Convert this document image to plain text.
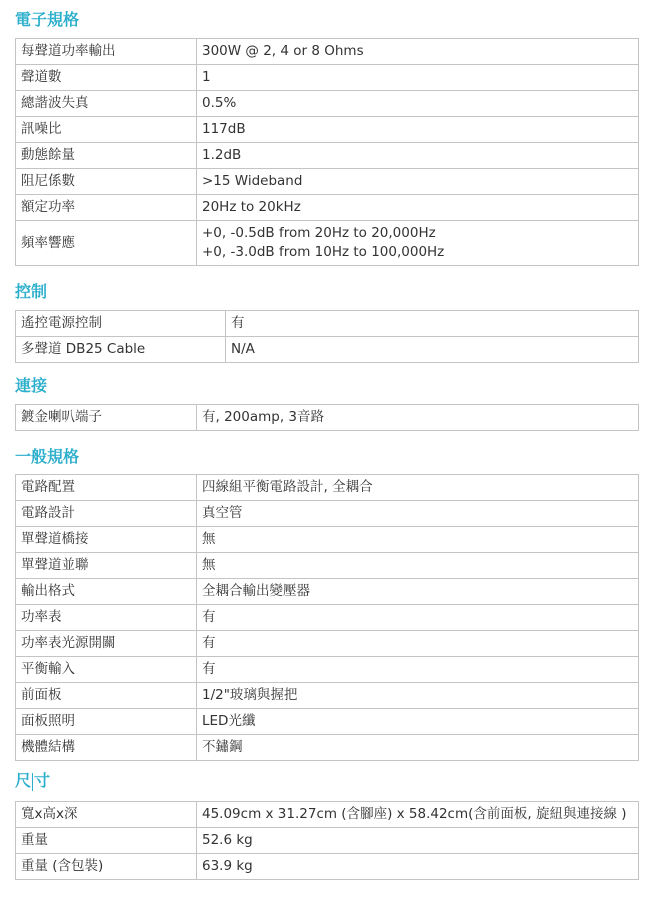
電子規格
每聲道功率輸出	300W @ 2, 4 or 8 Ohms
聲道數	1
總諧波失真	0.5%
訊噪比	117dB
動態餘量	1.2dB
阻尼係數	>15 Wideband
額定功率	20Hz to 20kHz
頻率響應	+0, -0.5dB from 20Hz to 20,000Hz
+0, -3.0dB from 10Hz to 100,000Hz
控制
遙控電源控制	有
多聲道 DB25 Cable	N/A
連接
鍍金喇叭端子	有, 200amp, 3音路
一般規格
電路配置	四線組平衡電路設計, 全耦合
電路設計	真空管
單聲道橋接	無
單聲道並聯	無
輸出格式	全耦合輸出變壓器
功率表	有
功率表光源開關	有
平衡輸入	有
前面板	1/2"玻璃與握把
面板照明	LED光纖
機體結構	不鏽鋼
尺 寸
寬x高x深	45.09cm x 31.27cm (含腳座) x 58.42cm(含前面板, 旋紐與連接線 )
重量	52.6 kg
重量 (含包裝)	63.9 kg
